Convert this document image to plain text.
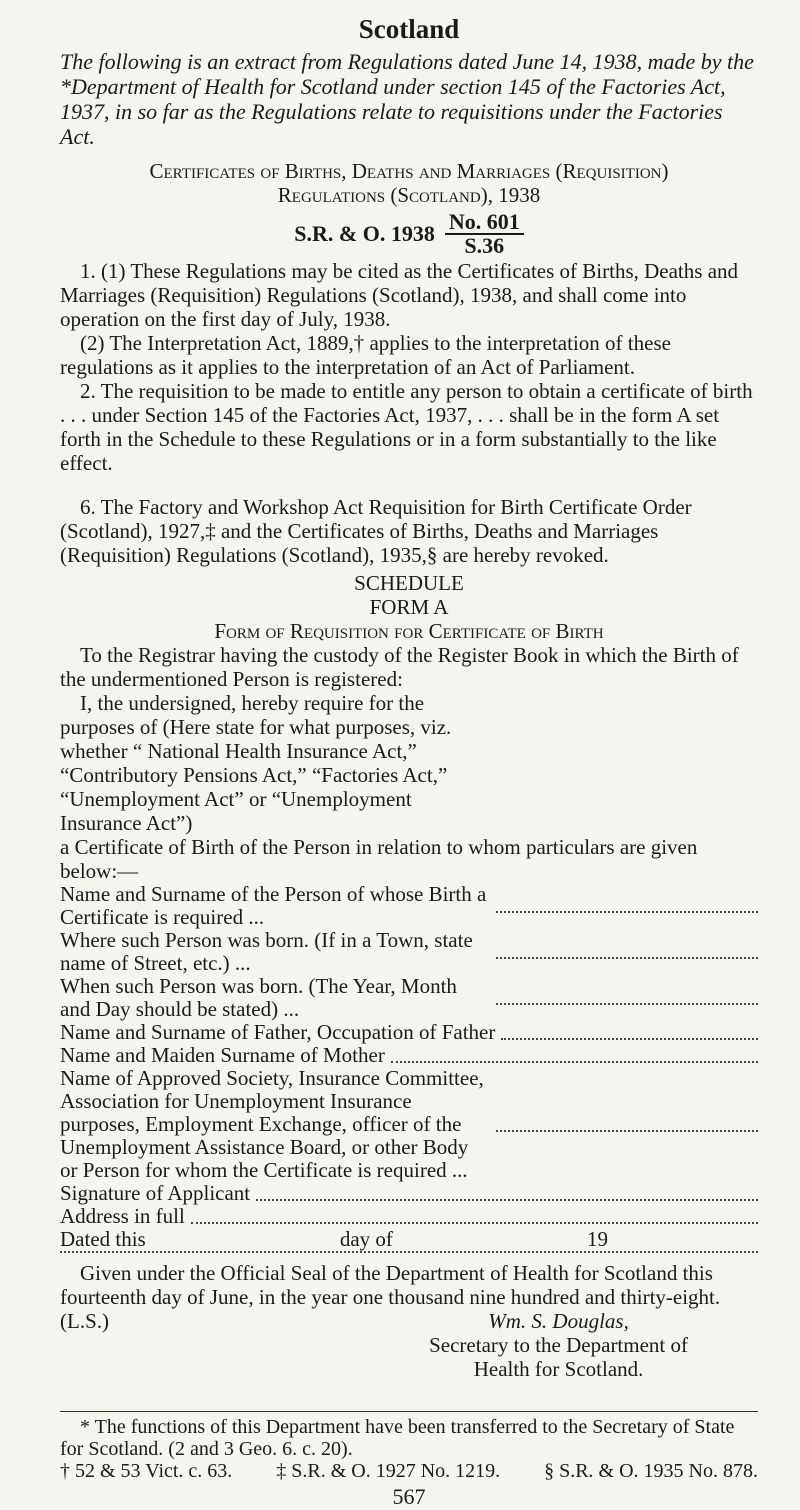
Scotland

The following is an extract from Regulations dated June 14, 1938, made by the *Department of Health for Scotland under section 145 of the Factories Act, 1937, in so far as the Regulations relate to requisitions under the Factories Act.

Certificates of Births, Deaths and Marriages (Requisition)

Regulations (Scotland), 1938

S.R. & O. $1938 \frac{No. 601}{S.36}$

1. (1) These Regulations may be cited as the Certificates of Births, Deaths and Marriages (Requisition) Regulations (Scotland), 1938, and shall come into operation on the first day of July, 1938.

(2) The Interpretation Act, 1889,† applies to the interpretation of these regulations as it applies to the interpretation of an Act of Parliament.

2. The requisition to be made to entitle any person to obtain a certificate of birth . . . under Section 145 of the Factories Act, 1937, . . . shall be in the form A set forth in the Schedule to these Regulations or in a form substantially to the like effect.

6. The Factory and Workshop Act Requisition for Birth Certificate Order (Scotland), 1927,‡ and the Certificates of Births, Deaths and Marriages (Requisition) Regulations (Scotland), 1935,§ are hereby revoked.

SCHEDULE

FORM A

Form of Requisition for Certificate of Birth

To the Registrar having the custody of the Register Book in which the Birth of the undermentioned Person is registered:

I, the undersigned, hereby require for the purposes of (Here state for what purposes, viz. whether “ National Health Insurance Act,” “Contributory Pensions Act,” “Factories Act,” “Unemployment Act” or “Unemployment Insurance Act”)

a Certificate of Birth of the Person in relation to whom particulars are given below:—

Name and Surname of the Person of whose Birth a Certificate is required ...
Where such Person was born. (If in a Town, state name of Street, etc.) ...
When such Person was born. (The Year, Month and Day should be stated) ...
Name and Surname of Father, Occupation of Father
Name and Maiden Surname of Mother
Name of Approved Society, Insurance Committee, Association for Unemployment Insurance purposes, Employment Exchange, officer of the Unemployment Assistance Board, or other Body or Person for whom the Certificate is required ...
Signature of Applicant
Address in full
Dated this	day of	19

Given under the Official Seal of the Department of Health for Scotland this fourteenth day of June, in the year one thousand nine hundred and thirty-eight.

(L.S.)	Wm. S. Douglas,
Secretary to the Department of
Health for Scotland.

* The functions of this Department have been transferred to the Secretary of State for Scotland. (2 and 3 Geo. 6. c. 20).

† 52 & 53 Vict. c. 63. ‡ S.R. & O. 1927 No. 1219. § S.R. & O. 1935 No. 878.
567
